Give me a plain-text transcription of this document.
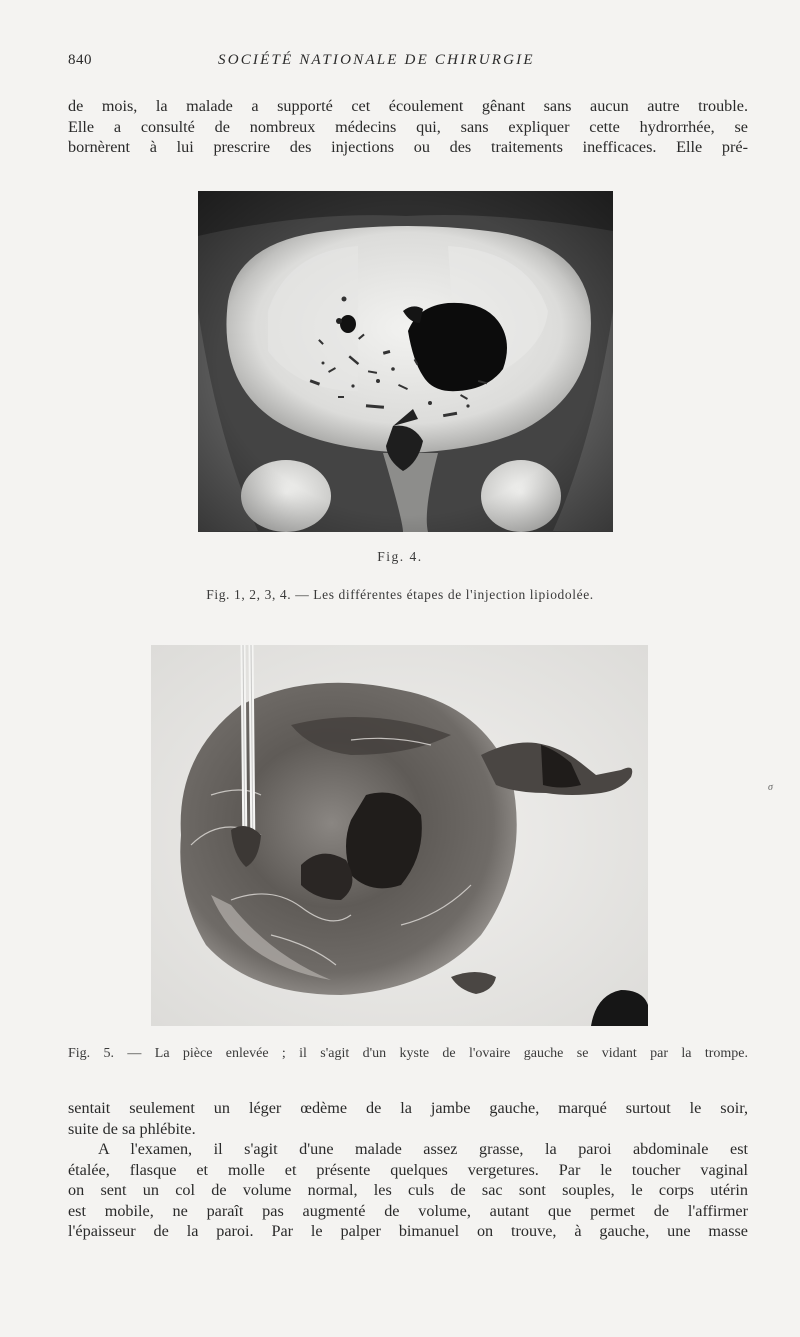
840	SOCIÉTÉ NATIONALE DE CHIRURGIE
de mois, la malade a supporté cet écoulement gênant sans aucun autre trouble.
Elle a consulté de nombreux médecins qui, sans expliquer cette hydrorrhée, se
bornèrent à lui prescrire des injections ou des traitements inefficaces. Elle pré-
Fig. 4.
Fig. 1, 2, 3, 4. — Les différentes étapes de l'injection lipiodolée.
Fig. 5. — La pièce enlevée ; il s'agit d'un kyste de l'ovaire gauche se vidant par la trompe.
σ
sentait seulement un léger œdème de la jambe gauche, marqué surtout le soir,
suite de sa phlébite.
A l'examen, il s'agit d'une malade assez grasse, la paroi abdominale est
étalée, flasque et molle et présente quelques vergetures. Par le toucher vaginal
on sent un col de volume normal, les culs de sac sont souples, le corps utérin
est mobile, ne paraît pas augmenté de volume, autant que permet de l'affirmer
l'épaisseur de la paroi. Par le palper bimanuel on trouve, à gauche, une masse
